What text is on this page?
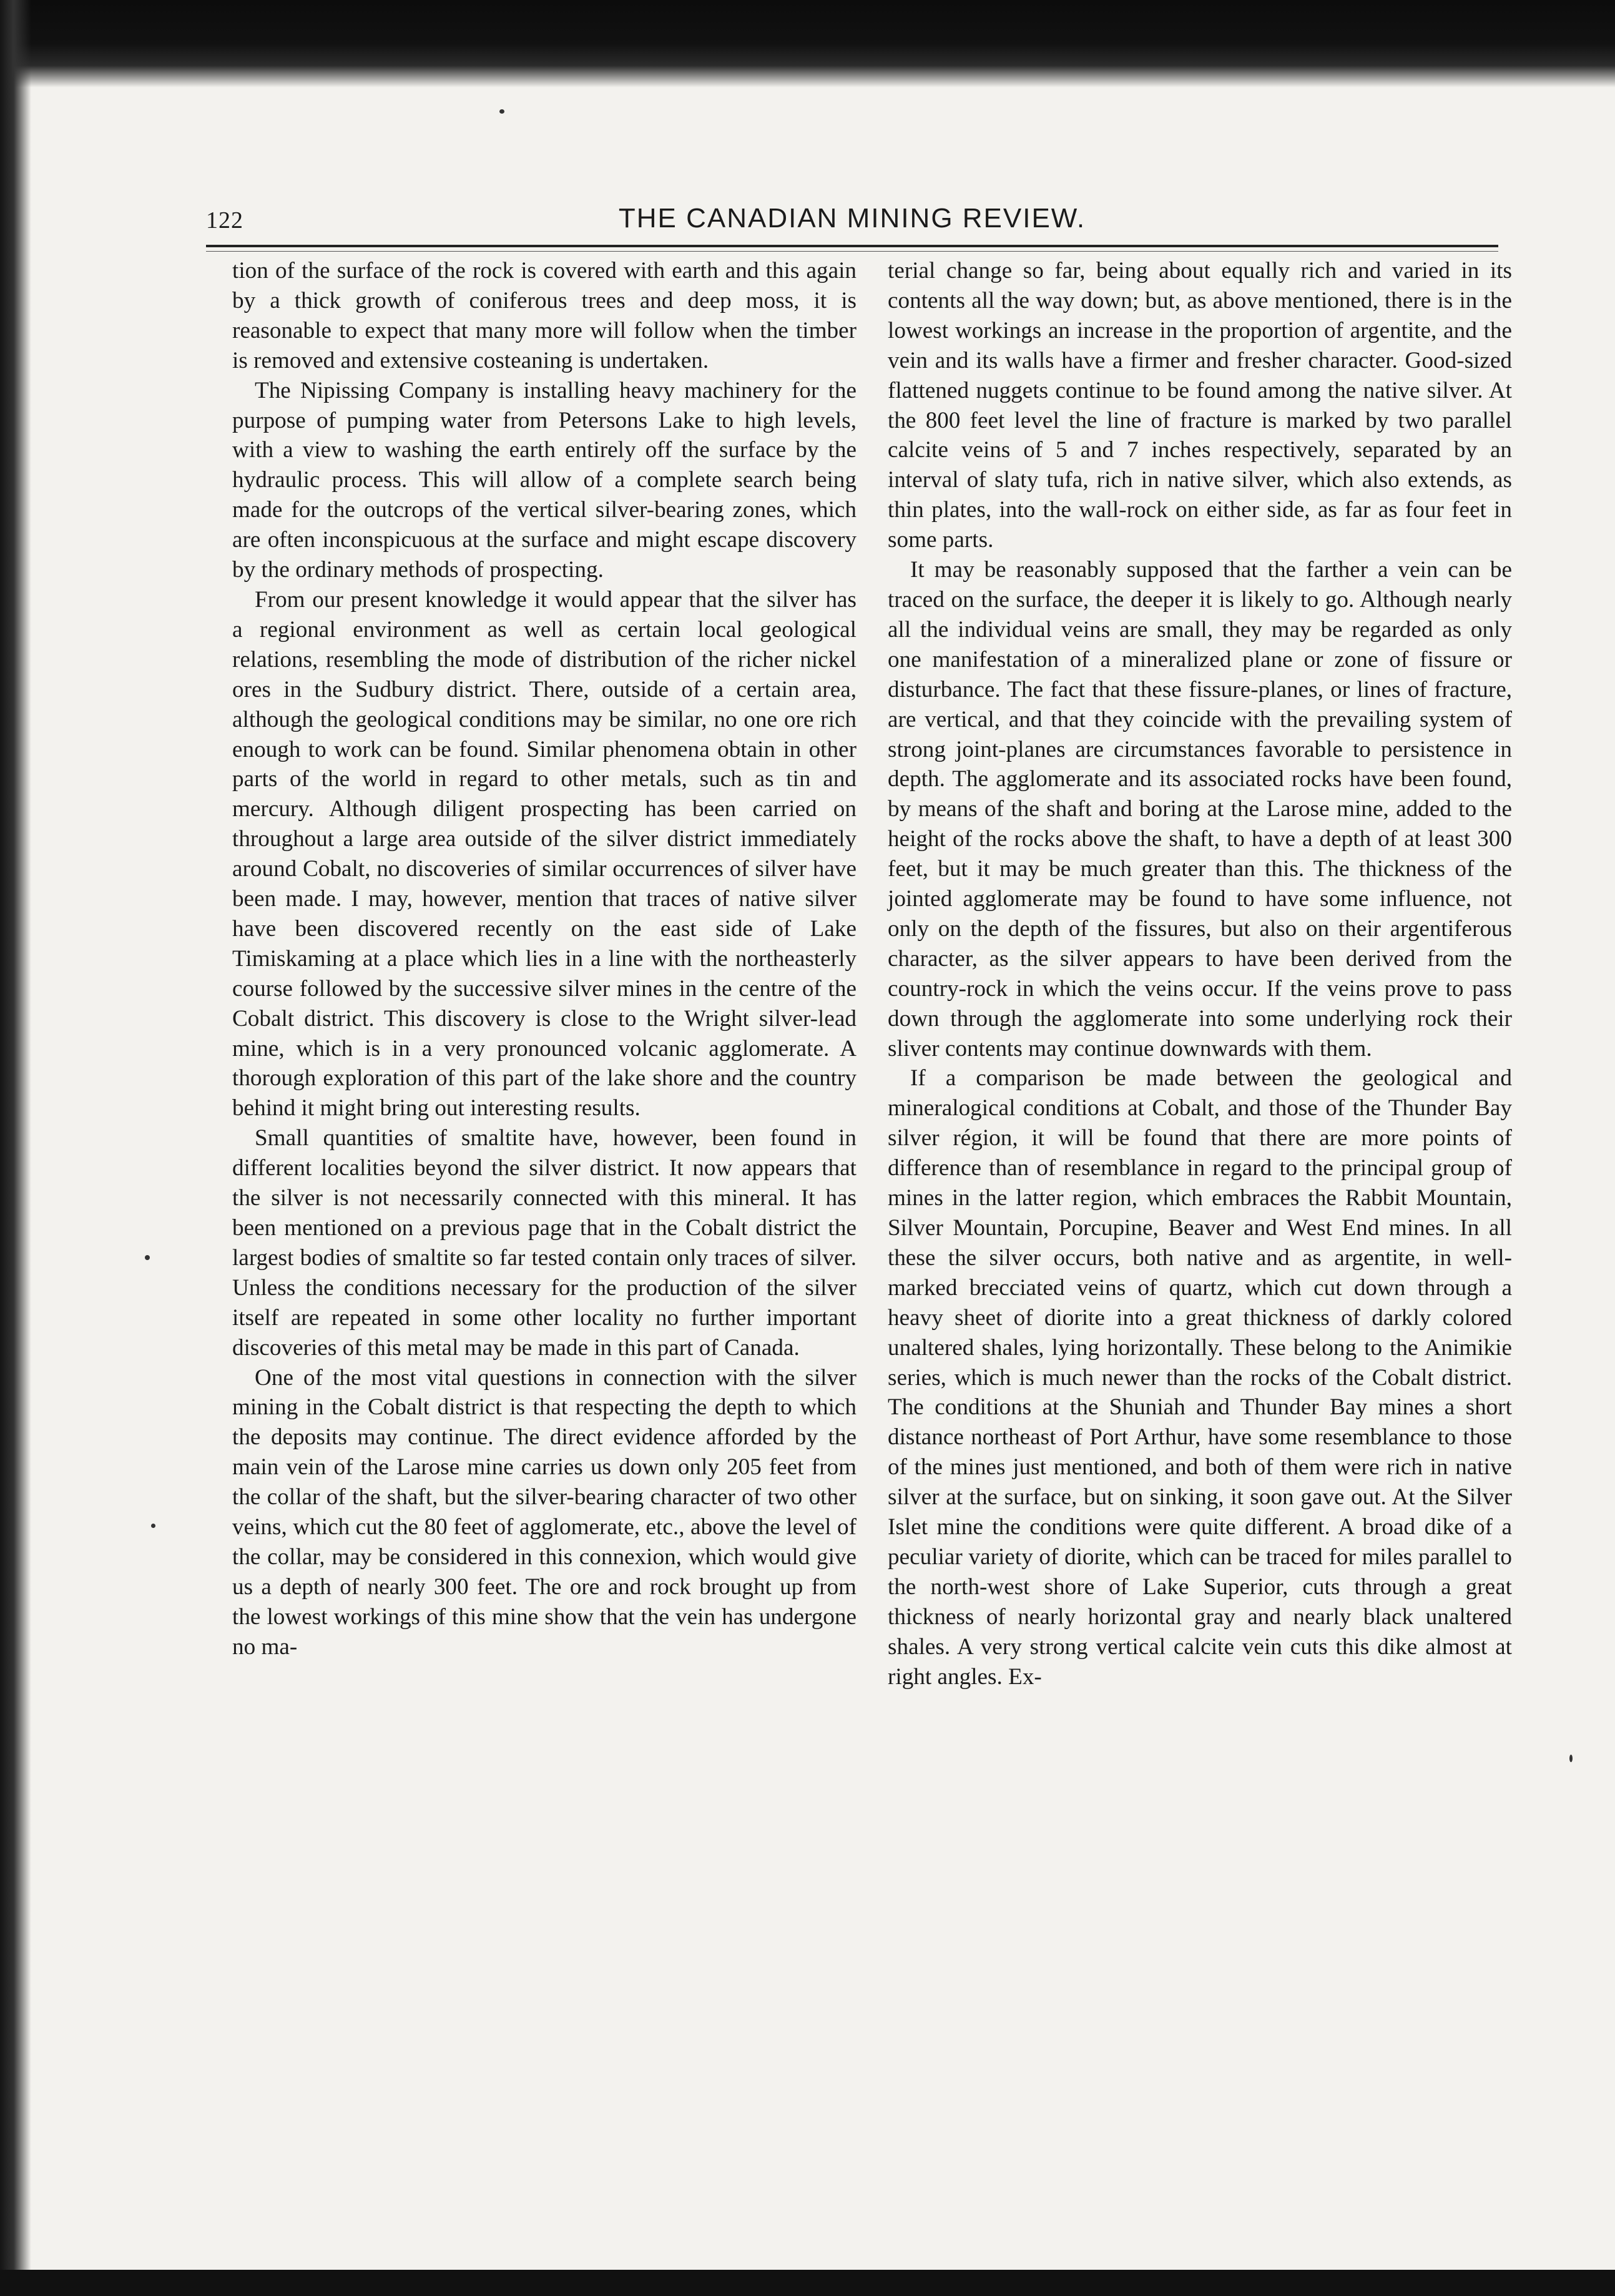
122	THE CANADIAN MINING REVIEW.

tion of the surface of the rock is covered with earth and this again by a thick growth of coniferous trees and deep moss, it is reasonable to expect that many more will follow when the timber is removed and extensive costeaning is undertaken.

The Nipissing Company is installing heavy machinery for the purpose of pumping water from Petersons Lake to high levels, with a view to washing the earth entirely off the surface by the hydraulic process. This will allow of a complete search being made for the outcrops of the vertical silver-bearing zones, which are often inconspicuous at the surface and might escape discovery by the ordinary methods of prospecting.

From our present knowledge it would appear that the silver has a regional environment as well as certain local geological relations, resembling the mode of distribution of the richer nickel ores in the Sudbury district. There, outside of a certain area, although the geological conditions may be similar, no one ore rich enough to work can be found. Similar phenomena obtain in other parts of the world in regard to other metals, such as tin and mercury. Although diligent prospecting has been carried on throughout a large area outside of the silver district immediately around Cobalt, no discoveries of similar occurrences of silver have been made. I may, however, mention that traces of native silver have been discovered recently on the east side of Lake Timiskaming at a place which lies in a line with the northeasterly course followed by the successive silver mines in the centre of the Cobalt district. This discovery is close to the Wright silver-lead mine, which is in a very pronounced volcanic agglomerate. A thorough exploration of this part of the lake shore and the country behind it might bring out interesting results.

Small quantities of smaltite have, however, been found in different localities beyond the silver district. It now appears that the silver is not necessarily connected with this mineral. It has been mentioned on a previous page that in the Cobalt district the largest bodies of smaltite so far tested contain only traces of silver. Unless the conditions necessary for the production of the silver itself are repeated in some other locality no further important discoveries of this metal may be made in this part of Canada.

One of the most vital questions in connection with the silver mining in the Cobalt district is that respecting the depth to which the deposits may continue. The direct evidence afforded by the main vein of the Larose mine carries us down only 205 feet from the collar of the shaft, but the silver-bearing character of two other veins, which cut the 80 feet of agglomerate, etc., above the level of the collar, may be considered in this connexion, which would give us a depth of nearly 300 feet. The ore and rock brought up from the lowest workings of this mine show that the vein has undergone no ma-

terial change so far, being about equally rich and varied in its contents all the way down; but, as above mentioned, there is in the lowest workings an increase in the proportion of argentite, and the vein and its walls have a firmer and fresher character. Good-sized flattened nuggets continue to be found among the native silver. At the 800 feet level the line of fracture is marked by two parallel calcite veins of 5 and 7 inches respectively, separated by an interval of slaty tufa, rich in native silver, which also extends, as thin plates, into the wall-rock on either side, as far as four feet in some parts.

It may be reasonably supposed that the farther a vein can be traced on the surface, the deeper it is likely to go. Although nearly all the individual veins are small, they may be regarded as only one manifestation of a mineralized plane or zone of fissure or disturbance. The fact that these fissure-planes, or lines of fracture, are vertical, and that they coincide with the prevailing system of strong joint-planes are circumstances favorable to persistence in depth. The agglomerate and its associated rocks have been found, by means of the shaft and boring at the Larose mine, added to the height of the rocks above the shaft, to have a depth of at least 300 feet, but it may be much greater than this. The thickness of the jointed agglomerate may be found to have some influence, not only on the depth of the fissures, but also on their argentiferous character, as the silver appears to have been derived from the country-rock in which the veins occur. If the veins prove to pass down through the agglomerate into some underlying rock their sliver contents may continue downwards with them.

If a comparison be made between the geological and mineralogical conditions at Cobalt, and those of the Thunder Bay silver région, it will be found that there are more points of difference than of resemblance in regard to the principal group of mines in the latter region, which embraces the Rabbit Mountain, Silver Mountain, Porcupine, Beaver and West End mines. In all these the silver occurs, both native and as argentite, in well-marked brecciated veins of quartz, which cut down through a heavy sheet of diorite into a great thickness of darkly colored unaltered shales, lying horizontally. These belong to the Animikie series, which is much newer than the rocks of the Cobalt district. The conditions at the Shuniah and Thunder Bay mines a short distance northeast of Port Arthur, have some resemblance to those of the mines just mentioned, and both of them were rich in native silver at the surface, but on sinking, it soon gave out. At the Silver Islet mine the conditions were quite different. A broad dike of a peculiar variety of diorite, which can be traced for miles parallel to the north-west shore of Lake Superior, cuts through a great thickness of nearly horizontal gray and nearly black unaltered shales. A very strong vertical calcite vein cuts this dike almost at right angles. Ex-
